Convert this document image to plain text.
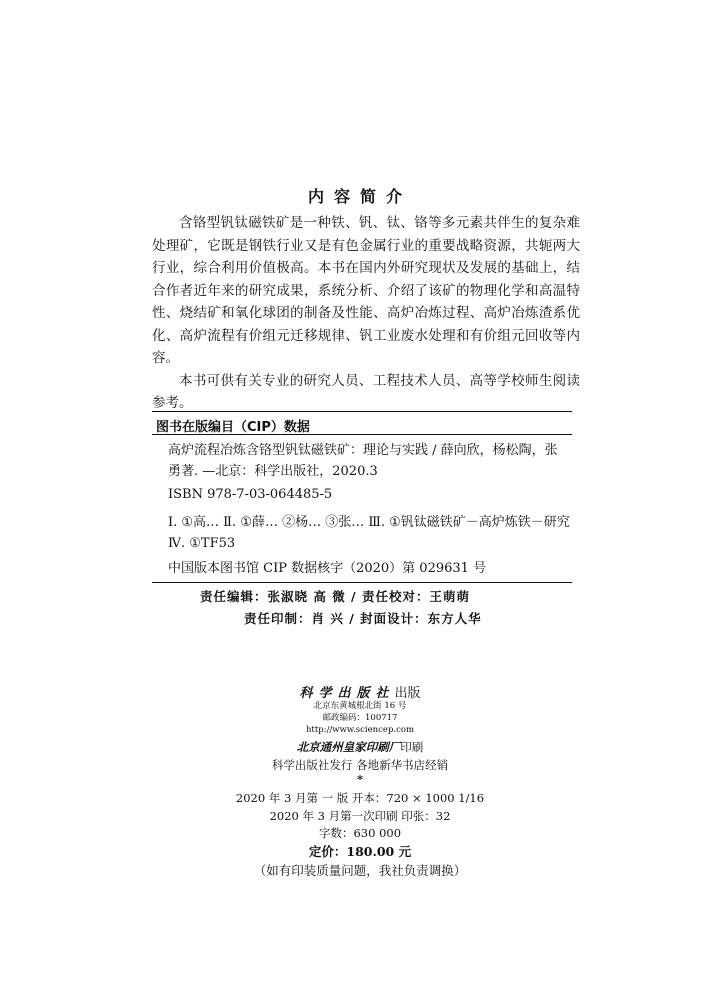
内容简介

含铬型钒钛磁铁矿是一种铁、钒、钛、铬等多元素共伴生的复杂难处理矿，它既是钢铁行业又是有色金属行业的重要战略资源，共轭两大行业，综合利用价值极高。本书在国内外研究现状及发展的基础上，结合作者近年来的研究成果，系统分析、介绍了该矿的物理化学和高温特性、烧结矿和氧化球团的制备及性能、高炉冶炼过程、高炉冶炼渣系优化、高炉流程有价组元迁移规律、钒工业废水处理和有价组元回收等内容。

本书可供有关专业的研究人员、工程技术人员、高等学校师生阅读参考。

图书在版编目（CIP）数据

高炉流程冶炼含铬型钒钛磁铁矿：理论与实践 / 薛向欣，杨松陶，张勇著. —北京：科学出版社，2020.3

ISBN 978-7-03-064485-5
Ⅰ. ①高… Ⅱ. ①薛… ②杨… ③张… Ⅲ. ①钒钛磁铁矿－高炉炼铁－研究 Ⅳ. ①TF53
中国版本图书馆 CIP 数据核字（2020）第 029631 号
责任编辑：张淑晓 高 微 / 责任校对：王萌萌
责任印制：肖 兴 / 封面设计：东方人华
科学出版社出版
北京东黄城根北街 16 号
邮政编码：100717
http://www.sciencep.com
北京通州皇家印刷厂印刷
科学出版社发行 各地新华书店经销
*
2020 年 3 月第 一 版 开本：720 × 1000 1/16
2020 年 3 月第一次印刷 印张：32
字数：630 000
定价：180.00 元
（如有印装质量问题，我社负责调换）
